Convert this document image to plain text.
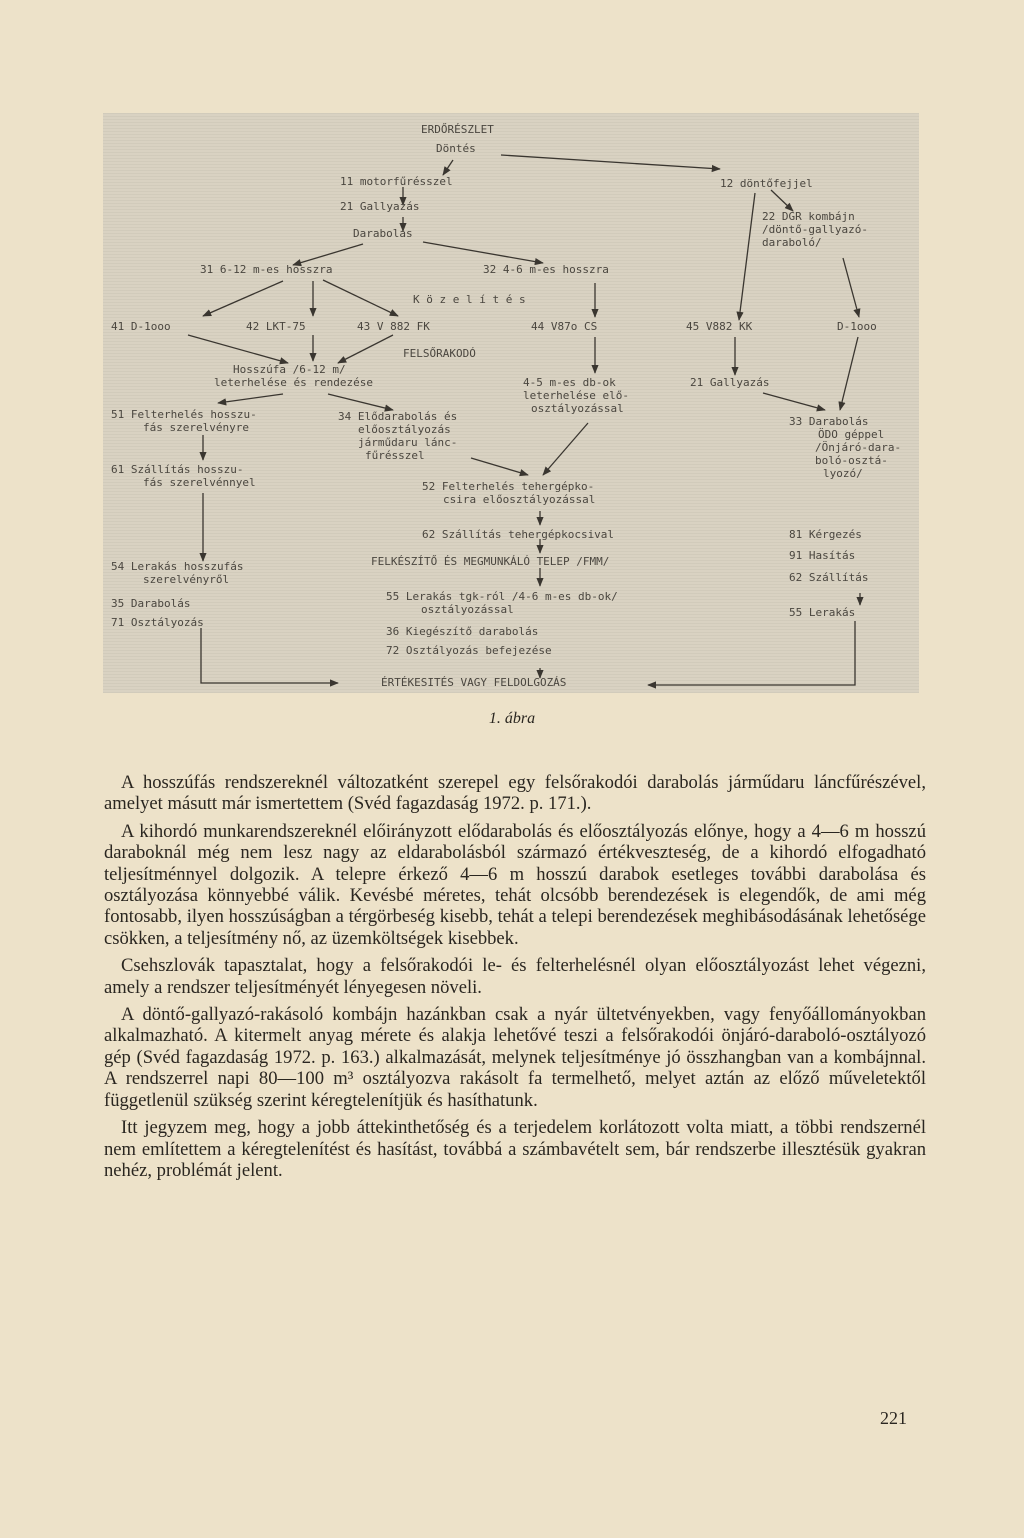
ERDŐRÉSZLET
Döntés
11 motorfűrésszel	12 döntőfejjel
21 Gallyazás
22 DGR kombájn
/döntő-gallyazó-
daraboló/
Darabolás
31 6-12 m-es hosszra	32 4-6 m-es hosszra
K ö z e l í t é s
41 D-1ooo	42 LKT-75	43 V 882 FK	44 V87o CS	45 V882 KK	D-1ooo
FELSŐRAKODÓ
Hosszúfa /6-12 m/
leterhelése és rendezése	4-5 m-es db-ok
leterhelése elő-
osztályozással
21 Gallyazás
51 Felterhelés hosszu-
fás szerelvényre
34 Elődarabolás és
előosztályozás
járműdaru lánc-
fűrésszel
33 Darabolás
ÖDO géppel
/Önjáró-dara-
boló-osztá-
lyozó/
61 Szállítás hosszu-
fás szerelvénnyel	52 Felterhelés tehergépko-
csira előosztályozással
62 Szállítás tehergépkocsival	81 Kérgezés
FELKÉSZÍTŐ ÉS MEGMUNKÁLÓ TELEP /FMM/	91 Hasítás
54 Lerakás hosszufás
szerelvényről	62 Szállítás
35 Darabolás
55 Lerakás tgk-ról /4-6 m-es db-ok/
osztályozással	55 Lerakás
71 Osztályozás
36 Kiegészítő darabolás
72 Osztályozás befejezése
ÉRTÉKESITÉS VAGY FELDOLGOZÁS
1. ábra

A hosszúfás rendszereknél változatként szerepel egy felsőrakodói darabolás járműdaru láncfűrészével, amelyet másutt már ismertettem (Svéd fagazdaság 1972. p. 171.).

A kihordó munkarendszereknél előirányzott elődarabolás és előosztályozás előnye, hogy a 4—6 m hosszú daraboknál még nem lesz nagy az eldarabolásból származó értékveszteség, de a kihordó elfogadható teljesítménnyel dolgozik. A telepre érkező 4—6 m hosszú darabok esetleges további darabolása és osztályozása könnyebbé válik. Kevésbé méretes, tehát olcsóbb berendezések is elegendők, de ami még fontosabb, ilyen hosszúságban a térgörbeség kisebb, tehát a telepi berendezések meghibásodásának lehetősége csökken, a teljesítmény nő, az üzemköltségek kisebbek.

Csehszlovák tapasztalat, hogy a felsőrakodói le- és felterhelésnél olyan előosztályozást lehet végezni, amely a rendszer teljesítményét lényegesen növeli.

A döntő-gallyazó-rakásoló kombájn hazánkban csak a nyár ültetvényekben, vagy fenyőállományokban alkalmazható. A kitermelt anyag mérete és alakja lehetővé teszi a felsőrakodói önjáró-daraboló-osztályozó gép (Svéd fagazdaság 1972. p. 163.) alkalmazását, melynek teljesítménye jó összhangban van a kombájnnal. A rendszerrel napi 80—100 m³ osztályozva rakásolt fa termelhető, melyet aztán az előző műveletektől függetlenül szükség szerint kéregtelenítjük és hasíthatunk.

Itt jegyzem meg, hogy a jobb áttekinthetőség és a terjedelem korlátozott volta miatt, a többi rendszernél nem említettem a kéregtelenítést és hasítást, továbbá a számbavételt sem, bár rendszerbe illesztésük gyakran nehéz, problémát jelent.

221
